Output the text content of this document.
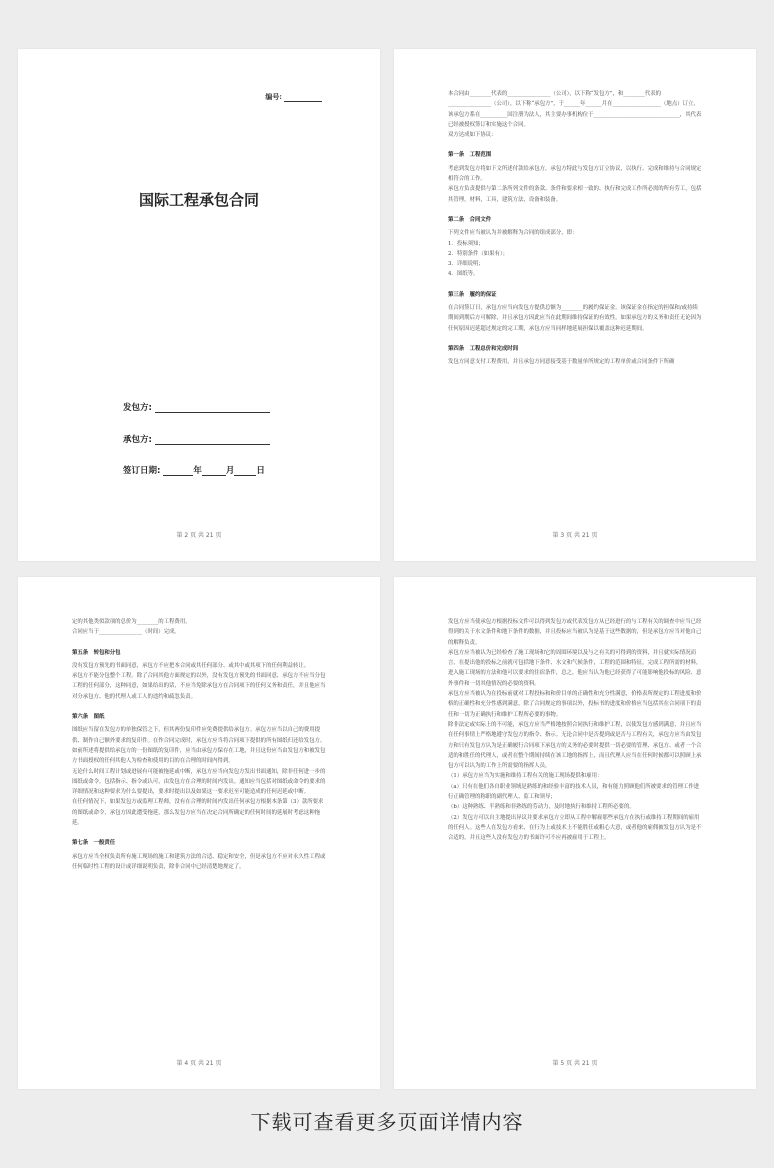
编号:
国际工程承包合同
发包方:
承包方:
签订日期:	年	月	日
第 2 页 共 21 页

本合同由________代表的________________（公司），以下称“发包方”，和________代表的________________（公司），以下称“承包方”，于______年______月在__________________（地点）订立，该承包方系在__________国注册为法人，其主要办事机构位于________________________________，其代表已经被授权签订和实施这个合同。

双方达成如下协议：

第一条　工程范围

考虑到发包方将如下文所述付款给承包方，承包方特此与发包方订立协议，以执行、完成和维持与合同规定相符合的工作。

承包方负责提供与第二条所列文件的条款、条件和要求相一致的、执行和完成工作所必需的所有劳工，包括其管理，材料，工具，建筑方法，设备和装备。

第二条　合同文件

下列文件应当被认为并被解释为合同的组成部分，即：

1．投标须知；

2．特别条件（如果有）；

3．详细说明；

4．图纸等。

第三条　履约的保证

在合同签订日，承包方应当向发包方提供总额为________的履约保证金。该保证金在指定的担保和/或持续期间到期后方可解除，并且承包方因此应当在此期间维持保证的有效性，如果承包方的义务和责任无论因为任何原因迟延超过规定的完工期，承包方应当同样地延展担保以覆盖这种迟延期间。

第四条　工程总价和完成时间

发包方同意支付工程费用，并且承包方同意接受基于数量单所规定的工程单价或合同条件下所确

第 3 页 共 21 页

定的其他类似款项的总价为________的工程费用。

合同应当于________________（时间）完成。

第五条　转包和分包

没有发包方预先的书面同意，承包方不应把本合同或其任何部分、或其中或其项下的任何利益转让。

承包方不能分包整个工程。除了合同其他方面规定的以外，没有发包方预先的书面同意，承包方不应当分包工程的任何部分，这种同意，如果给出的话，不应当免除承包方在合同项下的任何义务和责任，并且他应当对分承包方、他的代理人或工人的违约和疏忽负责。

第六条　图纸

图纸应当留在发包方的单独保管之下，但其两份复印件应免费提供给承包方。承包方应当以自己的费用提供、制作自己额外要求的复印件。在作合同完成时，承包方应当将合同项下提供的所有图纸归还给发包方。

如前所述将提供给承包方的一份图纸的复印件，应当由承包方保存在工地，并且这份应当由发包方和被发包方书面授权的任何其他人为检查和使用的目的在合理的时间内得到。

无论什么时间工程计划或进展有可能被拖延或中断，承包方应当向发包方发出书面通知，除非任何进一步的图纸或命令，包括指示、指令或认可，由发包方在合理的时间内发出。通知应当包括对图纸或命令的要求的详细情况和这种要求为什么要提出，要求时提出以及如果这一要求迟至可能造成的任何迟延或中断。

在任何情况下，如果发包方或监理工程师，没有在合理的时间内发出任何承包方根据本条第（3）款所要求的图纸或命令，承包方因此遭受拖延，那么发包方应当在决定合同所确定的任何时间的延展时考虑这种拖延。

第七条　一般责任

承包方应当全权负责所有施工现场的施工和建筑方法的合适、稳定和安全，但是承包方不应对永久性工程或任何临时性工程的设计或详细说明负责，除非合同中已经清楚地规定了。

第 4 页 共 21 页

发包方应当使承包方根据投标文件可以得到发包方或代表发包方从已经进行的与工程有关的调查中应当已经得到的关于水文条件和地下条件的数据，并且投标应当被认为是基于这些数据的，但是承包方应当对他自己的解释负责。

承包方应当被认为已经检查了施工现场和它的周围环境以及与之有关的可得到的资料，并且就实际情况而言，在提出他的投标之前就可包括地下条件、水文和气候条件，工程的范围和特征，完成工程所需的材料，进入施工现场的方法和他可以要求的住宿条件，总之，他应当认为他已经获得了可能影响他投标的风险、意外事件和一切其他情况的必要的资料。

承包方应当被认为在投标前就对工程投标和和价目单的正确性和充分性满意，价格表所规定的工程进度和价格的正确性和充分性感到满意，除了合同规定的事项以外，投标书的进度和价格应当包括其在合同项下的责任和一切为正确执行和维护工程所必要的事物。

除非法定或实际上的不可能，承包方应当严格地按照合同执行和维护工程，以使发包方感到满意，并且应当在任何事情上严格地遵守发包方的指令、指示。无论合同中是否提到或是否与工程有关，承包方应当由发包方和只有发包方认为是正确履行合同项下承包方的义务的必要时提供一切必要的管理、承包方、或者一个合适的和胜任的代理人，或者在整个期间持续在该工地的指挥上，而且代理人应当在任何时候都可以照顾上承包方可以认为的工作上所需要的指挥人员。

（1）承包方应当为实施和维持工程有关的施工现场提供和雇用：

（a）只有在他们各自职业领域是熟练的和经验丰富的技术人员，和有能力照顾他们所被要求的管理工作进行正确管理的称职的副代理人、监工和领导；

（b）这种熟练、半熟练和非熟练的劳动力，及时地执行和维持工程所必要的。

（2）发包方可以自主地提出异议并要求承包方立即从工程中解雇那些承包方在执行或维持工程期间的雇用的任何人。这些人在发包方看来，在行为上或技术上不能胜任或粗心大意，或者他的雇佣被发包方认为是不合适的，并且这些人没有发包方的书面许可不应再被雇用于工程上。

第 5 页 共 21 页
下载可查看更多页面详情内容
